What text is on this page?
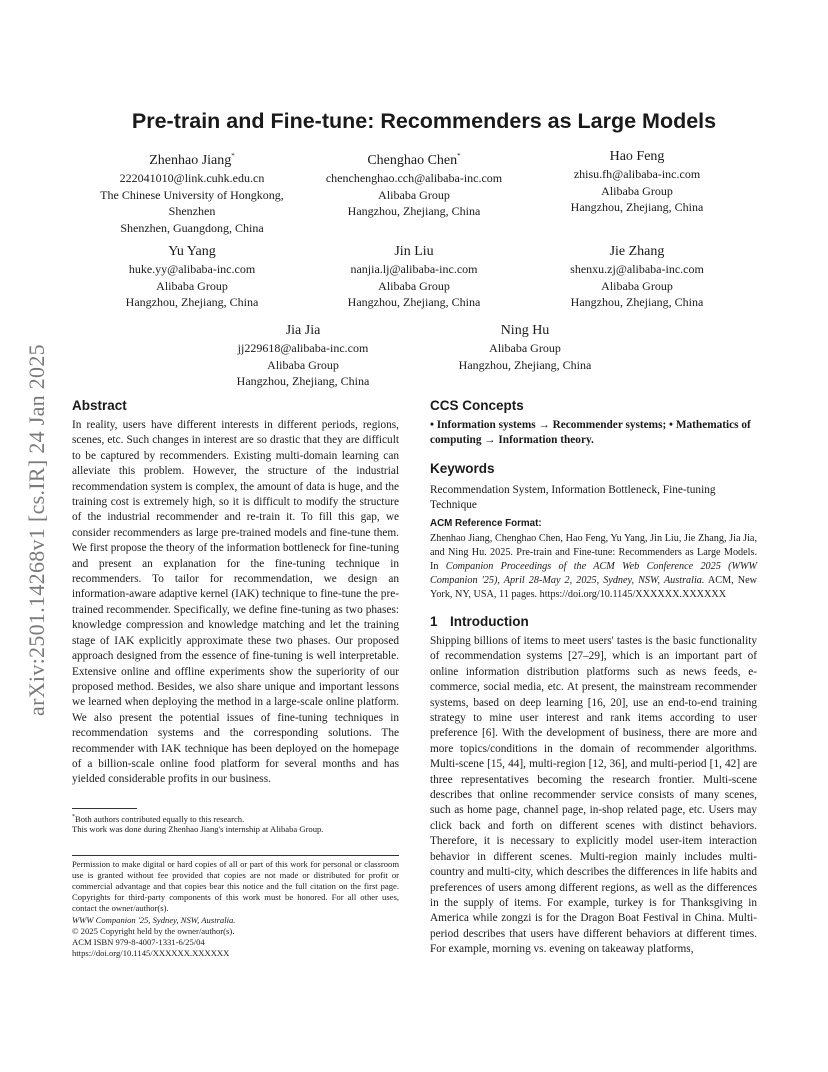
arXiv:2501.14268v1 [cs.IR] 24 Jan 2025
Pre-train and Fine-tune: Recommenders as Large Models
Zhenhao Jiang*
222041010@link.cuhk.edu.cn
The Chinese University of Hongkong, Shenzhen
Shenzhen, Guangdong, China
Chenghao Chen*
chenchenghao.cch@alibaba-inc.com
Alibaba Group
Hangzhou, Zhejiang, China
Hao Feng
zhisu.fh@alibaba-inc.com
Alibaba Group
Hangzhou, Zhejiang, China
Yu Yang
huke.yy@alibaba-inc.com
Alibaba Group
Hangzhou, Zhejiang, China
Jin Liu
nanjia.lj@alibaba-inc.com
Alibaba Group
Hangzhou, Zhejiang, China
Jie Zhang
shenxu.zj@alibaba-inc.com
Alibaba Group
Hangzhou, Zhejiang, China
Jia Jia
jj229618@alibaba-inc.com
Alibaba Group
Hangzhou, Zhejiang, China
Ning Hu
Alibaba Group
Hangzhou, Zhejiang, China
Abstract
In reality, users have different interests in different periods, regions, scenes, etc. Such changes in interest are so drastic that they are difficult to be captured by recommenders. Existing multi-domain learning can alleviate this problem. However, the structure of the industrial recommendation system is complex, the amount of data is huge, and the training cost is extremely high, so it is difficult to modify the structure of the industrial recommender and re-train it. To fill this gap, we consider recommenders as large pre-trained models and fine-tune them. We first propose the theory of the information bottleneck for fine-tuning and present an explanation for the fine-tuning technique in recommenders. To tailor for recommendation, we design an information-aware adaptive kernel (IAK) technique to fine-tune the pre-trained recommender. Specifically, we define fine-tuning as two phases: knowledge compression and knowledge matching and let the training stage of IAK explicitly approximate these two phases. Our proposed approach designed from the essence of fine-tuning is well interpretable. Extensive online and offline experiments show the superiority of our proposed method. Besides, we also share unique and important lessons we learned when deploying the method in a large-scale online platform. We also present the potential issues of fine-tuning techniques in recommendation systems and the corresponding solutions. The recommender with IAK technique has been deployed on the homepage of a billion-scale online food platform for several months and has yielded considerable profits in our business.
*Both authors contributed equally to this research.
This work was done during Zhenhao Jiang's internship at Alibaba Group.
Permission to make digital or hard copies of all or part of this work for personal or classroom use is granted without fee provided that copies are not made or distributed for profit or commercial advantage and that copies bear this notice and the full citation on the first page. Copyrights for third-party components of this work must be honored. For all other uses, contact the owner/author(s).
WWW Companion '25, Sydney, NSW, Australia.
© 2025 Copyright held by the owner/author(s).
ACM ISBN 979-8-4007-1331-6/25/04
https://doi.org/10.1145/XXXXXX.XXXXXX
CCS Concepts
• Information systems → Recommender systems; • Mathematics of computing → Information theory.
Keywords
Recommendation System, Information Bottleneck, Fine-tuning Technique
ACM Reference Format:
Zhenhao Jiang, Chenghao Chen, Hao Feng, Yu Yang, Jin Liu, Jie Zhang, Jia Jia, and Ning Hu. 2025. Pre-train and Fine-tune: Recommenders as Large Models. In Companion Proceedings of the ACM Web Conference 2025 (WWW Companion '25), April 28-May 2, 2025, Sydney, NSW, Australia. ACM, New York, NY, USA, 11 pages. https://doi.org/10.1145/XXXXXX.XXXXXX
1 Introduction
Shipping billions of items to meet users' tastes is the basic functionality of recommendation systems [27–29], which is an important part of online information distribution platforms such as news feeds, e-commerce, social media, etc. At present, the mainstream recommender systems, based on deep learning [16, 20], use an end-to-end training strategy to mine user interest and rank items according to user preference [6]. With the development of business, there are more and more topics/conditions in the domain of recommender algorithms. Multi-scene [15, 44], multi-region [12, 36], and multi-period [1, 42] are three representatives becoming the research frontier. Multi-scene describes that online recommender service consists of many scenes, such as home page, channel page, in-shop related page, etc. Users may click back and forth on different scenes with distinct behaviors. Therefore, it is necessary to explicitly model user-item interaction behavior in different scenes. Multi-region mainly includes multi-country and multi-city, which describes the differences in life habits and preferences of users among different regions, as well as the differences in the supply of items. For example, turkey is for Thanksgiving in America while zongzi is for the Dragon Boat Festival in China. Multi-period describes that users have different behaviors at different times. For example, morning vs. evening on takeaway platforms,
